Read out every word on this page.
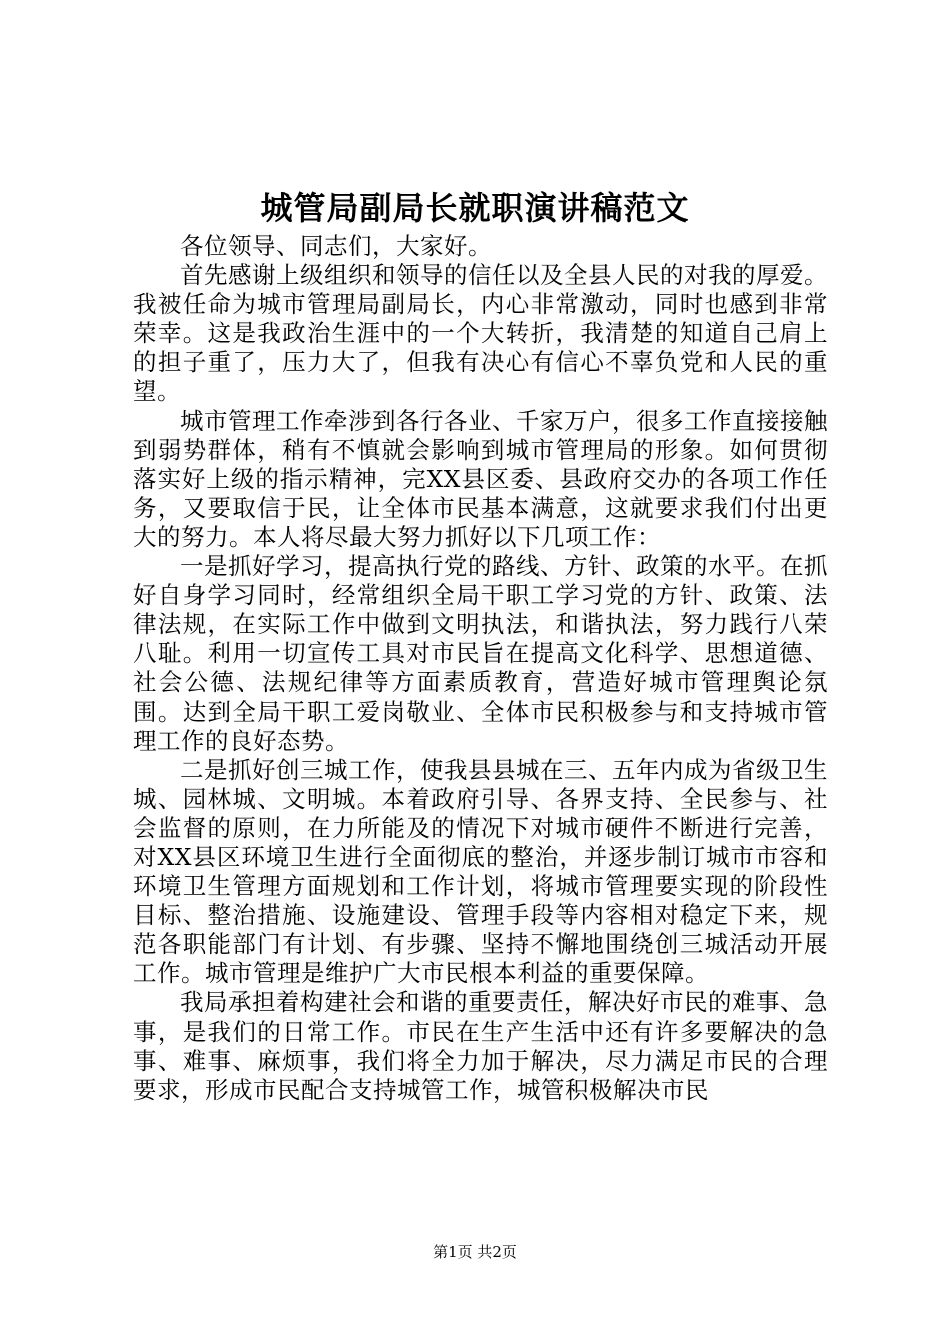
城管局副局长就职演讲稿范文

各位领导、同志们，大家好。

首先感谢上级组织和领导的信任以及全县人民的对我的厚爱。我被任命为城市管理局副局长，内心非常激动，同时也感到非常荣幸。这是我政治生涯中的一个大转折，我清楚的知道自己肩上的担子重了，压力大了，但我有决心有信心不辜负党和人民的重望。

城市管理工作牵涉到各行各业、千家万户，很多工作直接接触到弱势群体，稍有不慎就会影响到城市管理局的形象。如何贯彻落实好上级的指示精神，完XX县区委、县政府交办的各项工作任务，又要取信于民，让全体市民基本满意，这就要求我们付出更大的努力。本人将尽最大努力抓好以下几项工作：

一是抓好学习，提高执行党的路线、方针、政策的水平。在抓好自身学习同时，经常组织全局干职工学习党的方针、政策、法律法规，在实际工作中做到文明执法，和谐执法，努力践行八荣八耻。利用一切宣传工具对市民旨在提高文化科学、思想道德、社会公德、法规纪律等方面素质教育，营造好城市管理舆论氛围。达到全局干职工爱岗敬业、全体市民积极参与和支持城市管理工作的良好态势。

二是抓好创三城工作，使我县县城在三、五年内成为省级卫生城、园林城、文明城。本着政府引导、各界支持、全民参与、社会监督的原则，在力所能及的情况下对城市硬件不断进行完善，对XX县区环境卫生进行全面彻底的整治，并逐步制订城市市容和环境卫生管理方面规划和工作计划，将城市管理要实现的阶段性目标、整治措施、设施建设、管理手段等内容相对稳定下来，规范各职能部门有计划、有步骤、坚持不懈地围绕创三城活动开展工作。城市管理是维护广大市民根本利益的重要保障。

我局承担着构建社会和谐的重要责任，解决好市民的难事、急事，是我们的日常工作。市民在生产生活中还有许多要解决的急事、难事、麻烦事，我们将全力加于解决，尽力满足市民的合理要求，形成市民配合支持城管工作，城管积极解决市民

第1页 共2页
